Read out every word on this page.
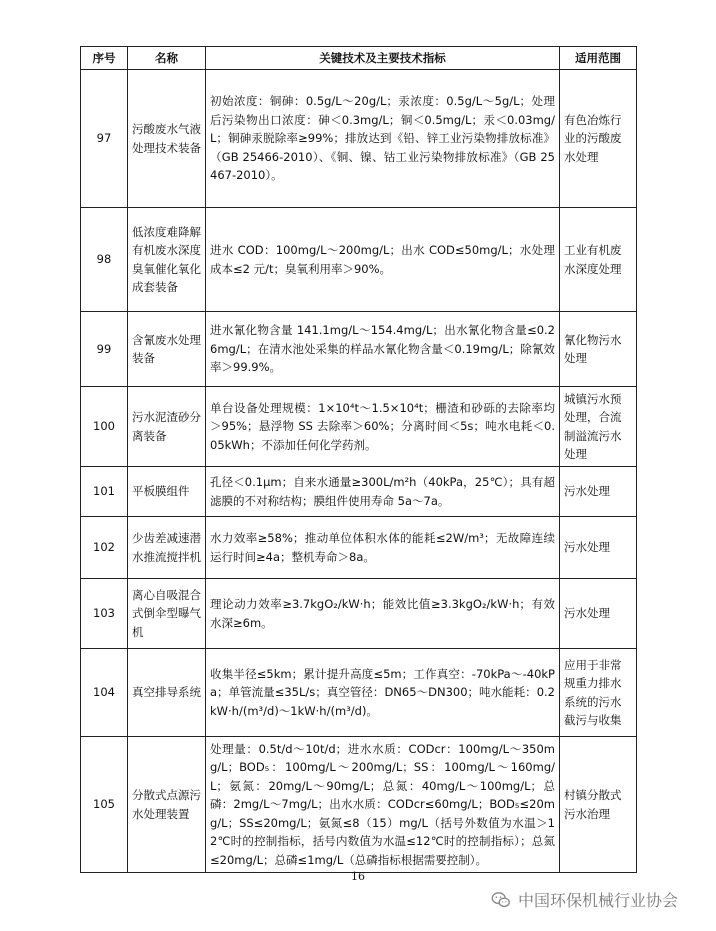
序号	名称	关键技术及主要技术指标	适用范围
97	污酸废水气液处理技术装备	初始浓度：铜砷：0.5g/L～20g/L；汞浓度：0.5g/L～5g/L；处理后污染物出口浓度：砷＜0.3mg/L；铜＜0.5mg/L；汞＜0.03mg/L；铜砷汞脱除率≥99%；排放达到《铅、锌工业污染物排放标准》（GB 25466-2010）、《铜、镍、钴工业污染物排放标准》（GB 25467-2010）。	有色冶炼行业的污酸废水处理
98	低浓度难降解有机废水深度臭氧催化氧化成套装备	进水 COD：100mg/L～200mg/L；出水 COD≤50mg/L；水处理成本≤2 元/t；臭氧利用率＞90%。	工业有机废水深度处理
99	含氰废水处理装备	进水氰化物含量 141.1mg/L～154.4mg/L；出水氰化物含量≤0.26mg/L；在清水池处采集的样品水氰化物含量＜0.19mg/L；除氰效率＞99.9%。	氰化物污水处理
100	污水泥渣砂分离装备	单台设备处理规模：1×10⁴t～1.5×10⁴t；栅渣和砂砾的去除率均＞95%；悬浮物 SS 去除率＞60%；分离时间＜5s；吨水电耗＜0.05kWh；不添加任何化学药剂。	城镇污水预处理，合流制溢流污水处理
101	平板膜组件	孔径＜0.1μm；自来水通量≥300L/m²h（40kPa，25℃）；具有超滤膜的不对称结构；膜组件使用寿命 5a～7a。	污水处理
102	少齿差减速潜水推流搅拌机	水力效率≥58%；推动单位体积水体的能耗≤2W/m³；无故障连续运行时间≥4a；整机寿命＞8a。	污水处理
103	离心自吸混合式倒伞型曝气机	理论动力效率≥3.7kgO₂/kW·h；能效比值≥3.3kgO₂/kW·h；有效水深≥6m。	污水处理
104	真空排导系统	收集半径≤5km；累计提升高度≤5m；工作真空：-70kPa～-40kPa；单管流量≤35L/s；真空管径：DN65～DN300；吨水能耗：0.2kW·h/(m³/d)～1kW·h/(m³/d)。	应用于非常规重力排水系统的污水截污与收集
105	分散式点源污水处理装置	处理量：0.5t/d～10t/d；进水水质：CODcr：100mg/L～350mg/L；BOD₅：100mg/L～200mg/L；SS：100mg/L～160mg/L；氨氮：20mg/L～90mg/L；总氮：40mg/L～100mg/L；总磷：2mg/L～7mg/L；出水水质：CODcr≤60mg/L；BOD₅≤20mg/L；SS≤20mg/L；氨氮≤8（15）mg/L（括号外数值为水温＞12℃时的控制指标，括号内数值为水温≤12℃时的控制指标）；总氮≤20mg/L；总磷≤1mg/L（总磷指标根据需要控制）。	村镇分散式污水治理
16
中国环保机械行业协会
